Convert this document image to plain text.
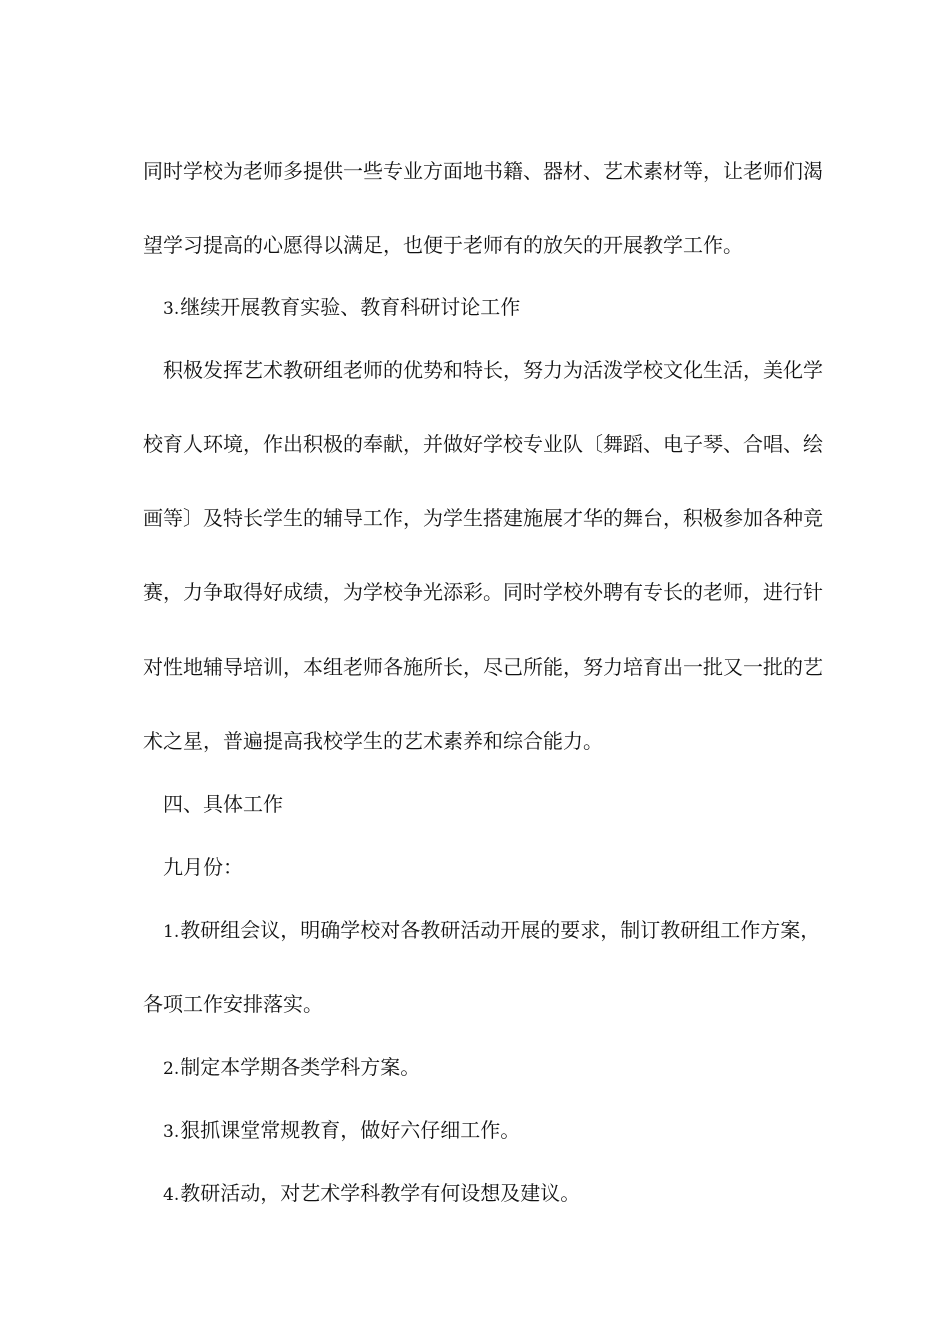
同时学校为老师多提供一些专业方面地书籍、器材、艺术素材等，让老师们渴

望学习提高的心愿得以满足，也便于老师有的放矢的开展教学工作。

3.继续开展教育实验、教育科研讨论工作

积极发挥艺术教研组老师的优势和特长，努力为活泼学校文化生活，美化学

校育人环境，作出积极的奉献，并做好学校专业队〔舞蹈、电子琴、合唱、绘

画等〕及特长学生的辅导工作，为学生搭建施展才华的舞台，积极参加各种竞

赛，力争取得好成绩，为学校争光添彩。同时学校外聘有专长的老师，进行针

对性地辅导培训，本组老师各施所长，尽己所能，努力培育出一批又一批的艺

术之星，普遍提高我校学生的艺术素养和综合能力。

四、具体工作

九月份：

1.教研组会议，明确学校对各教研活动开展的要求，制订教研组工作方案，

各项工作安排落实。

2.制定本学期各类学科方案。

3.狠抓课堂常规教育，做好六仔细工作。

4.教研活动，对艺术学科教学有何设想及建议。
